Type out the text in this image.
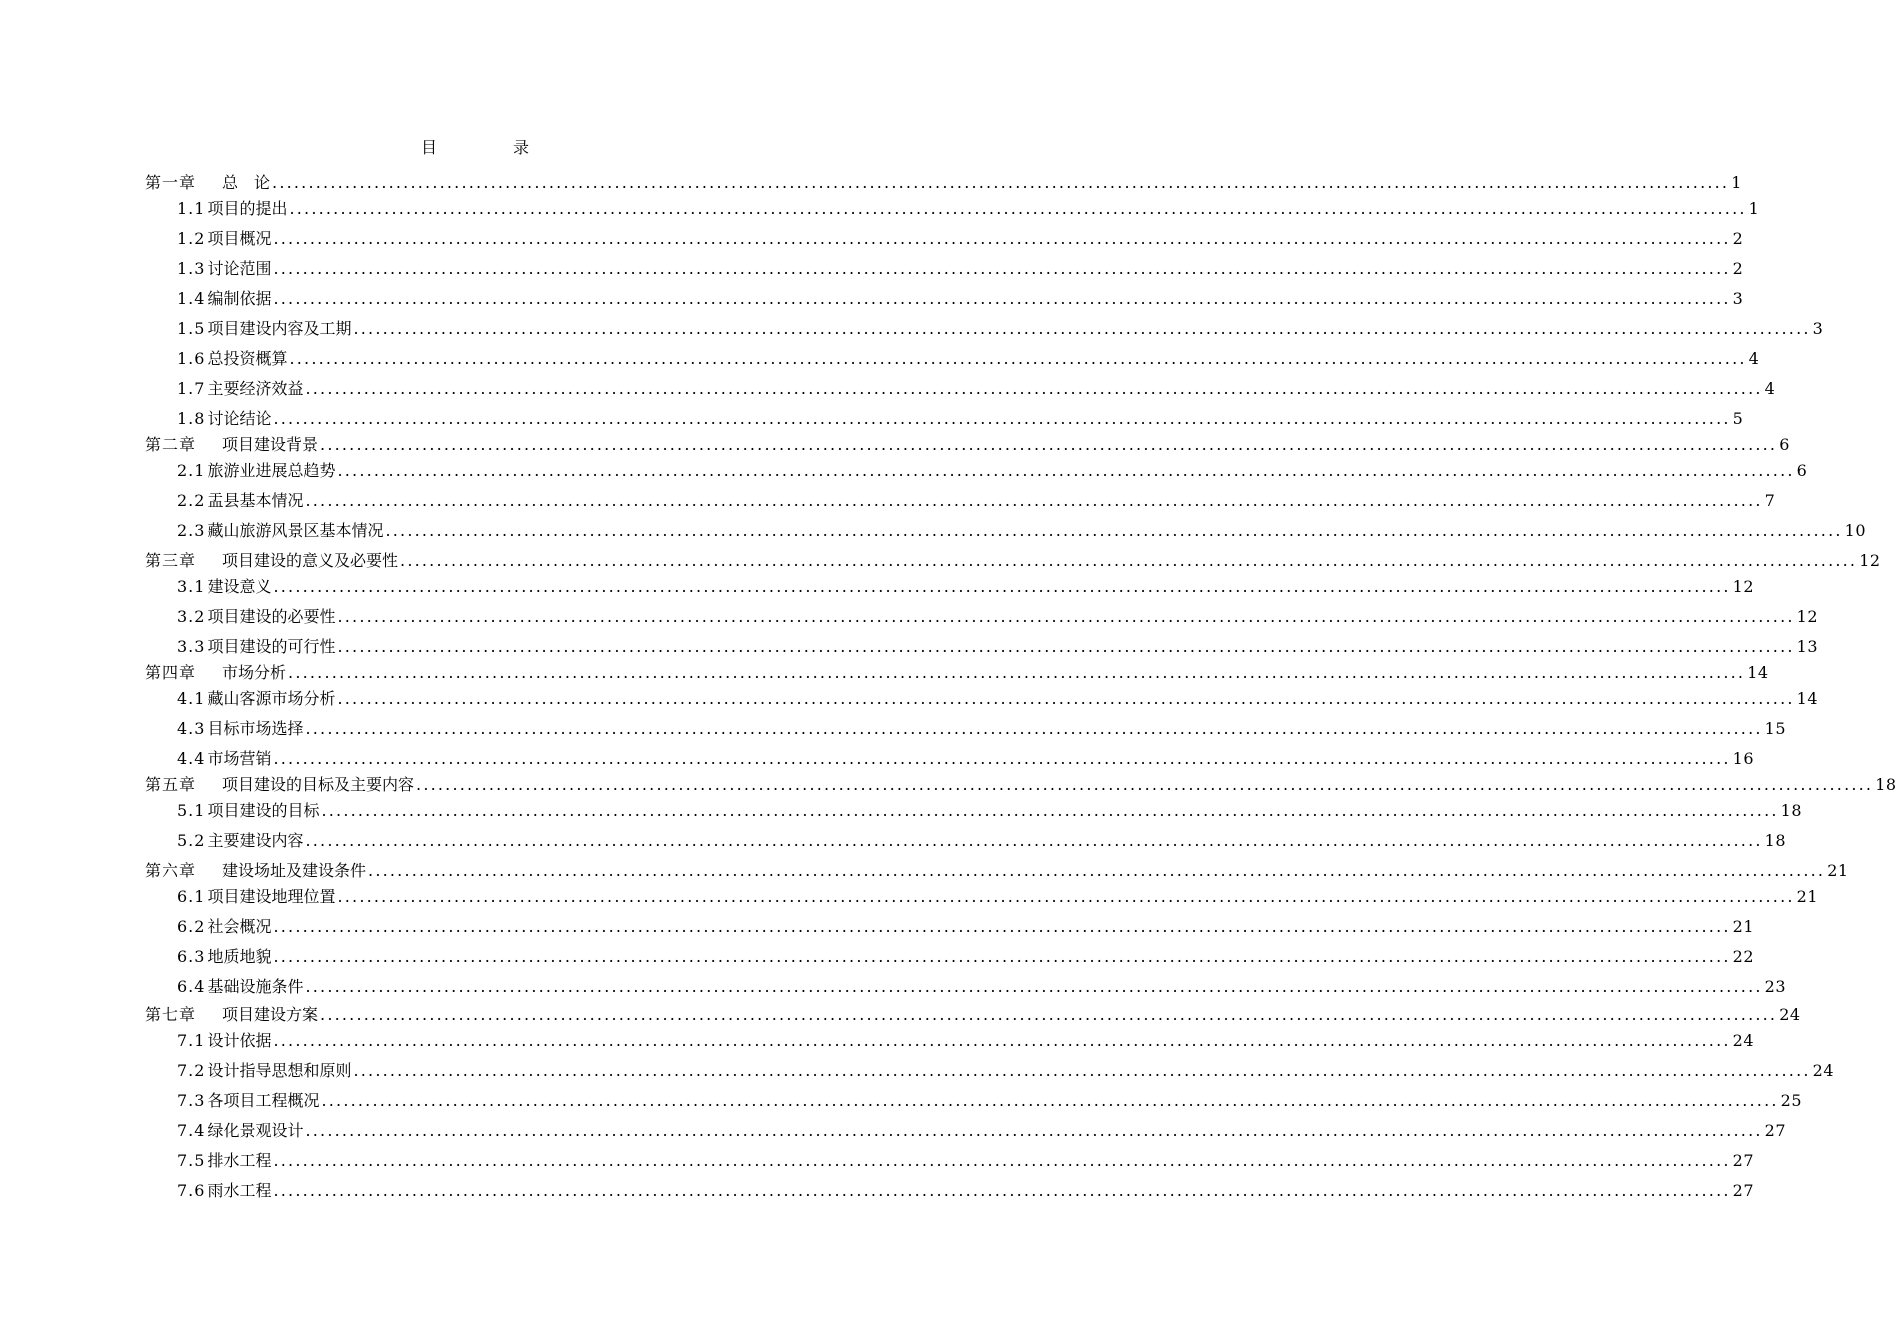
目　录
第一章 总　论 ........................................................................................................................................................................................................ 1
1.1 项目的提出 ........................................................................................................................................................................................................ 1
1.2 项目概况 ........................................................................................................................................................................................................ 2
1.3 讨论范围 ........................................................................................................................................................................................................ 2
1.4 编制依据 ........................................................................................................................................................................................................ 3
1.5 项目建设内容及工期 ........................................................................................................................................................................................................ 3
1.6 总投资概算 ........................................................................................................................................................................................................ 4
1.7 主要经济效益 ........................................................................................................................................................................................................ 4
1.8 讨论结论 ........................................................................................................................................................................................................ 5
第二章 项目建设背景 ........................................................................................................................................................................................................ 6
2.1 旅游业进展总趋势 ........................................................................................................................................................................................................ 6
2.2 盂县基本情况 ........................................................................................................................................................................................................ 7
2.3 藏山旅游风景区基本情况 ........................................................................................................................................................................................................ 10
第三章 项目建设的意义及必要性 ........................................................................................................................................................................................................ 12
3.1 建设意义 ........................................................................................................................................................................................................ 12
3.2 项目建设的必要性 ........................................................................................................................................................................................................ 12
3.3 项目建设的可行性 ........................................................................................................................................................................................................ 13
第四章 市场分析 ........................................................................................................................................................................................................ 14
4.1 藏山客源市场分析 ........................................................................................................................................................................................................ 14
4.3 目标市场选择 ........................................................................................................................................................................................................ 15
4.4 市场营销 ........................................................................................................................................................................................................ 16
第五章 项目建设的目标及主要内容 ........................................................................................................................................................................................................ 18
5.1 项目建设的目标 ........................................................................................................................................................................................................ 18
5.2 主要建设内容 ........................................................................................................................................................................................................ 18
第六章 建设场址及建设条件 ........................................................................................................................................................................................................ 21
6.1 项目建设地理位置 ........................................................................................................................................................................................................ 21
6.2 社会概况 ........................................................................................................................................................................................................ 21
6.3 地质地貌 ........................................................................................................................................................................................................ 22
6.4 基础设施条件 ........................................................................................................................................................................................................ 23
第七章 项目建设方案 ........................................................................................................................................................................................................ 24
7.1 设计依据 ........................................................................................................................................................................................................ 24
7.2 设计指导思想和原则 ........................................................................................................................................................................................................ 24
7.3 各项目工程概况 ........................................................................................................................................................................................................ 25
7.4 绿化景观设计 ........................................................................................................................................................................................................ 27
7.5 排水工程 ........................................................................................................................................................................................................ 27
7.6 雨水工程 ........................................................................................................................................................................................................ 27
